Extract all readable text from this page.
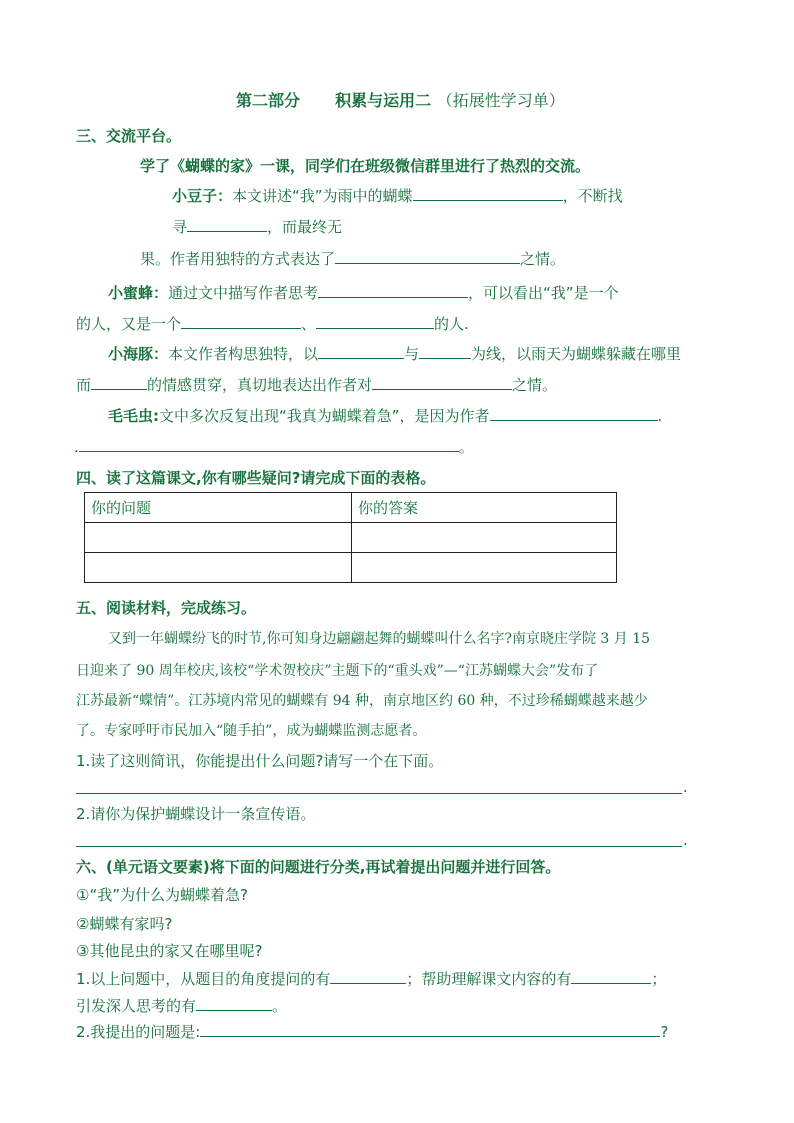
第二部分 积累与运用二 （拓展性学习单）
三、交流平台。
学了《蝴蝶的家》一课，同学们在班级微信群里进行了热烈的交流。
小豆子：本文讲述“我”为雨中的蝴蝶	，不断找
寻	，而最终无
果。作者用独特的方式表达了	之情。
小蜜蜂：通过文中描写作者思考	，可以看出“我”是一个
的人，又是一个	、	的人.
小海豚：本文作者构思独特，以	与	为线，以雨天为蝴蝶躲藏在哪里
而	的情感贯穿，真切地表达出作者对	之情。
毛毛虫:文中多次反复出现“我真为蝴蝶着急”，是因为作者	.
.	。
四、读了这篇课文,你有哪些疑问?请完成下面的表格。
你的问题	你的答案

五、阅读材料，完成练习。
又到一年蝴蝶纷飞的时节,你可知身边翩翩起舞的蝴蝶叫什么名字?南京晓庄学院 3 月 15
日迎来了 90 周年校庆,该校“学术贺校庆”主题下的“重头戏”—“江苏蝴蝶大会”发布了
江苏最新“蝶情”。江苏境内常见的蝴蝶有 94 种，南京地区约 60 种，不过珍稀蝴蝶越来越少
了。专家呼吁市民加入“随手拍”，成为蝴蝶监测志愿者。
1.读了这则简讯，你能提出什么问题?请写一个在下面。
.
2.请你为保护蝴蝶设计一条宣传语。
.
六、(单元语文要素)将下面的问题进行分类,再试着提出问题并进行回答。
①“我”为什么为蝴蝶着急?
②蝴蝶有家吗?
③其他昆虫的家又在哪里呢?
1.以上问题中，从题目的角度提问的有	；帮助理解课文内容的有	；
引发深人思考的有	。
2.我提出的问题是:	?
